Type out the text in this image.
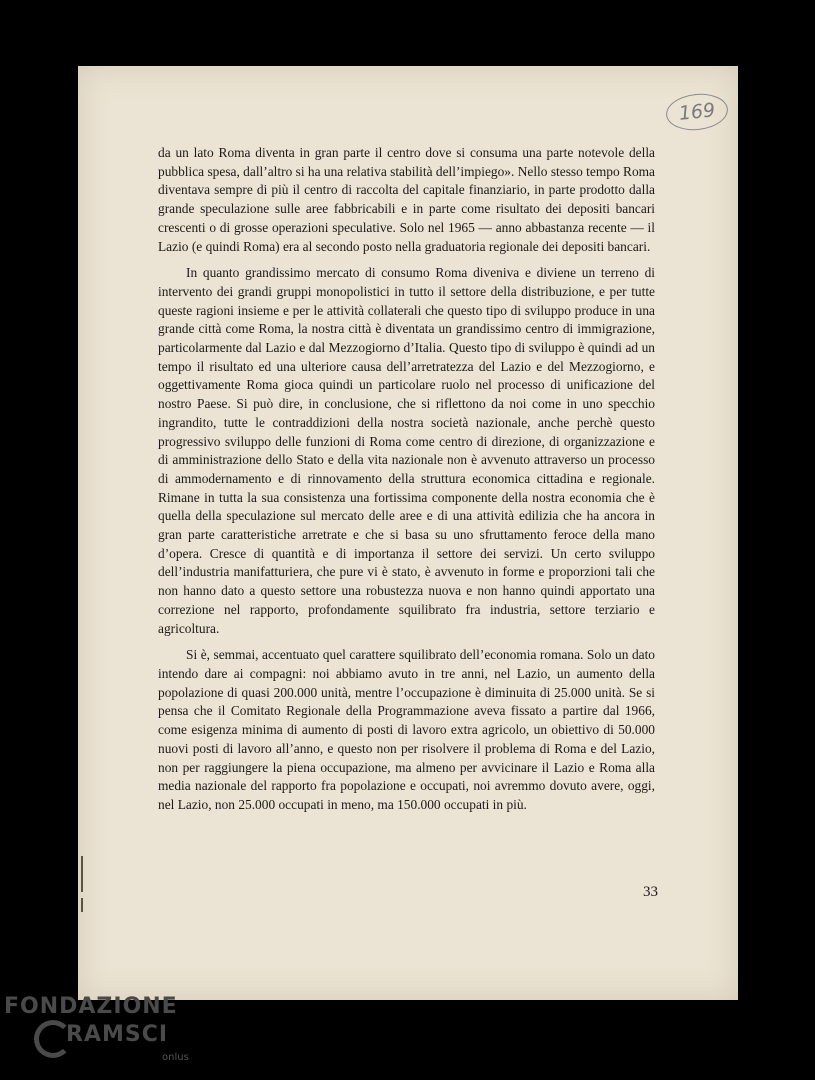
169

da un lato Roma diventa in gran parte il centro dove si consuma una parte notevole della pubblica spesa, dall’altro si ha una relativa stabilità dell’impiego». Nello stesso tempo Roma diventava sempre di più il centro di raccolta del capitale finanziario, in parte prodotto dalla grande speculazione sulle aree fabbricabili e in parte come risultato dei depositi bancari crescenti o di grosse operazioni speculative. Solo nel 1965 — anno abbastanza recente — il Lazio (e quindi Roma) era al secondo posto nella graduatoria regionale dei depositi bancari.

In quanto grandissimo mercato di consumo Roma diveniva e diviene un terreno di intervento dei grandi gruppi monopolistici in tutto il settore della distribuzione, e per tutte queste ragioni insieme e per le attività collaterali che questo tipo di sviluppo produce in una grande città come Roma, la nostra città è diventata un grandissimo centro di immigrazione, particolarmente dal Lazio e dal Mezzogiorno d’Italia. Questo tipo di sviluppo è quindi ad un tempo il risultato ed una ulteriore causa dell’arretratezza del Lazio e del Mezzogiorno, e oggettivamente Roma gioca quindi un particolare ruolo nel processo di unificazione del nostro Paese. Si può dire, in conclusione, che si riflettono da noi come in uno specchio ingrandito, tutte le contraddizioni della nostra società nazionale, anche perchè questo progressivo sviluppo delle funzioni di Roma come centro di direzione, di organizzazione e di amministrazione dello Stato e della vita nazionale non è avvenuto attraverso un processo di ammodernamento e di rinnovamento della struttura economica cittadina e regionale. Rimane in tutta la sua consistenza una fortissima componente della nostra economia che è quella della speculazione sul mercato delle aree e di una attività edilizia che ha ancora in gran parte caratteristiche arretrate e che si basa su uno sfruttamento feroce della mano d’opera. Cresce di quantità e di importanza il settore dei servizi. Un certo sviluppo dell’industria manifatturiera, che pure vi è stato, è avvenuto in forme e proporzioni tali che non hanno dato a questo settore una robustezza nuova e non hanno quindi apportato una correzione nel rapporto, profondamente squilibrato fra industria, settore terziario e agricoltura.

Si è, semmai, accentuato quel carattere squilibrato dell’economia romana. Solo un dato intendo dare ai compagni: noi abbiamo avuto in tre anni, nel Lazio, un aumento della popolazione di quasi 200.000 unità, mentre l’occupazione è diminuita di 25.000 unità. Se si pensa che il Comitato Regionale della Programmazione aveva fissato a partire dal 1966, come esigenza minima di aumento di posti di lavoro extra agricolo, un obiettivo di 50.000 nuovi posti di lavoro all’anno, e questo non per risolvere il problema di Roma e del Lazio, non per raggiungere la piena occupazione, ma almeno per avvicinare il Lazio e Roma alla media nazionale del rapporto fra popolazione e occupati, noi avremmo dovuto avere, oggi, nel Lazio, non 25.000 occupati in meno, ma 150.000 occupati in più.

33
FONDAZIONE
RAMSCI
onlus
